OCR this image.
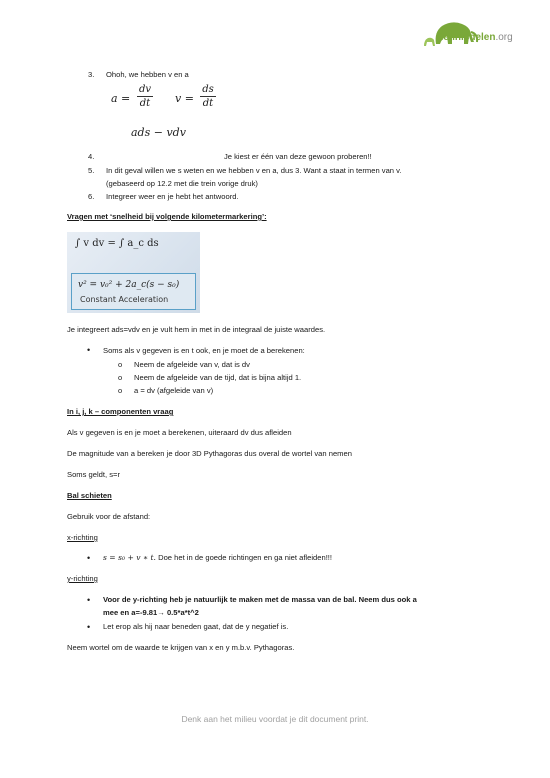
Kennisdelen.org
3. Ohoh, we hebben v en a
a =
dv
dt v =
ds
dt
ads − vdv
4.	Je kiest er één van deze gewoon proberen!!
5. In dit geval willen we s weten en we hebben v en a, dus 3. Want a staat in termen van v.
(gebaseerd op 12.2 met die trein vorige druk)
6. Integreer weer en je hebt het antwoord.
Vragen met ‘snelheid bij volgende kilometermarkering’:
∫ v dv = ∫ a_c ds
v² = v₀² + 2a_c(s − s₀)
Constant Acceleration
Je integreert ads=vdv en je vult hem in met in de integraal de juiste waardes.
• Soms als v gegeven is en t ook, en je moet de a berekenen:
o Neem de afgeleide van v, dat is dv
o Neem de afgeleide van de tijd, dat is bijna altijd 1.
o a = dv (afgeleide van v)
In i, j, k – componenten vraag
Als v gegeven is en je moet a berekenen, uiteraard dv dus afleiden
De magnitude van a bereken je door 3D Pythagoras dus overal de wortel van nemen
Soms geldt, s=r
Bal schieten
Gebruik voor de afstand:
x-richting
• s = s₀ + v ∗ t. Doe het in de goede richtingen en ga niet afleiden!!!
y-richting
• Voor de y-richting heb je natuurlijk te maken met de massa van de bal. Neem dus ook a
mee en a=-9.81→ 0.5*a*t^2
• Let erop als hij naar beneden gaat, dat de y negatief is.
Neem wortel om de waarde te krijgen van x en y m.b.v. Pythagoras.
Denk aan het milieu voordat je dit document print.
